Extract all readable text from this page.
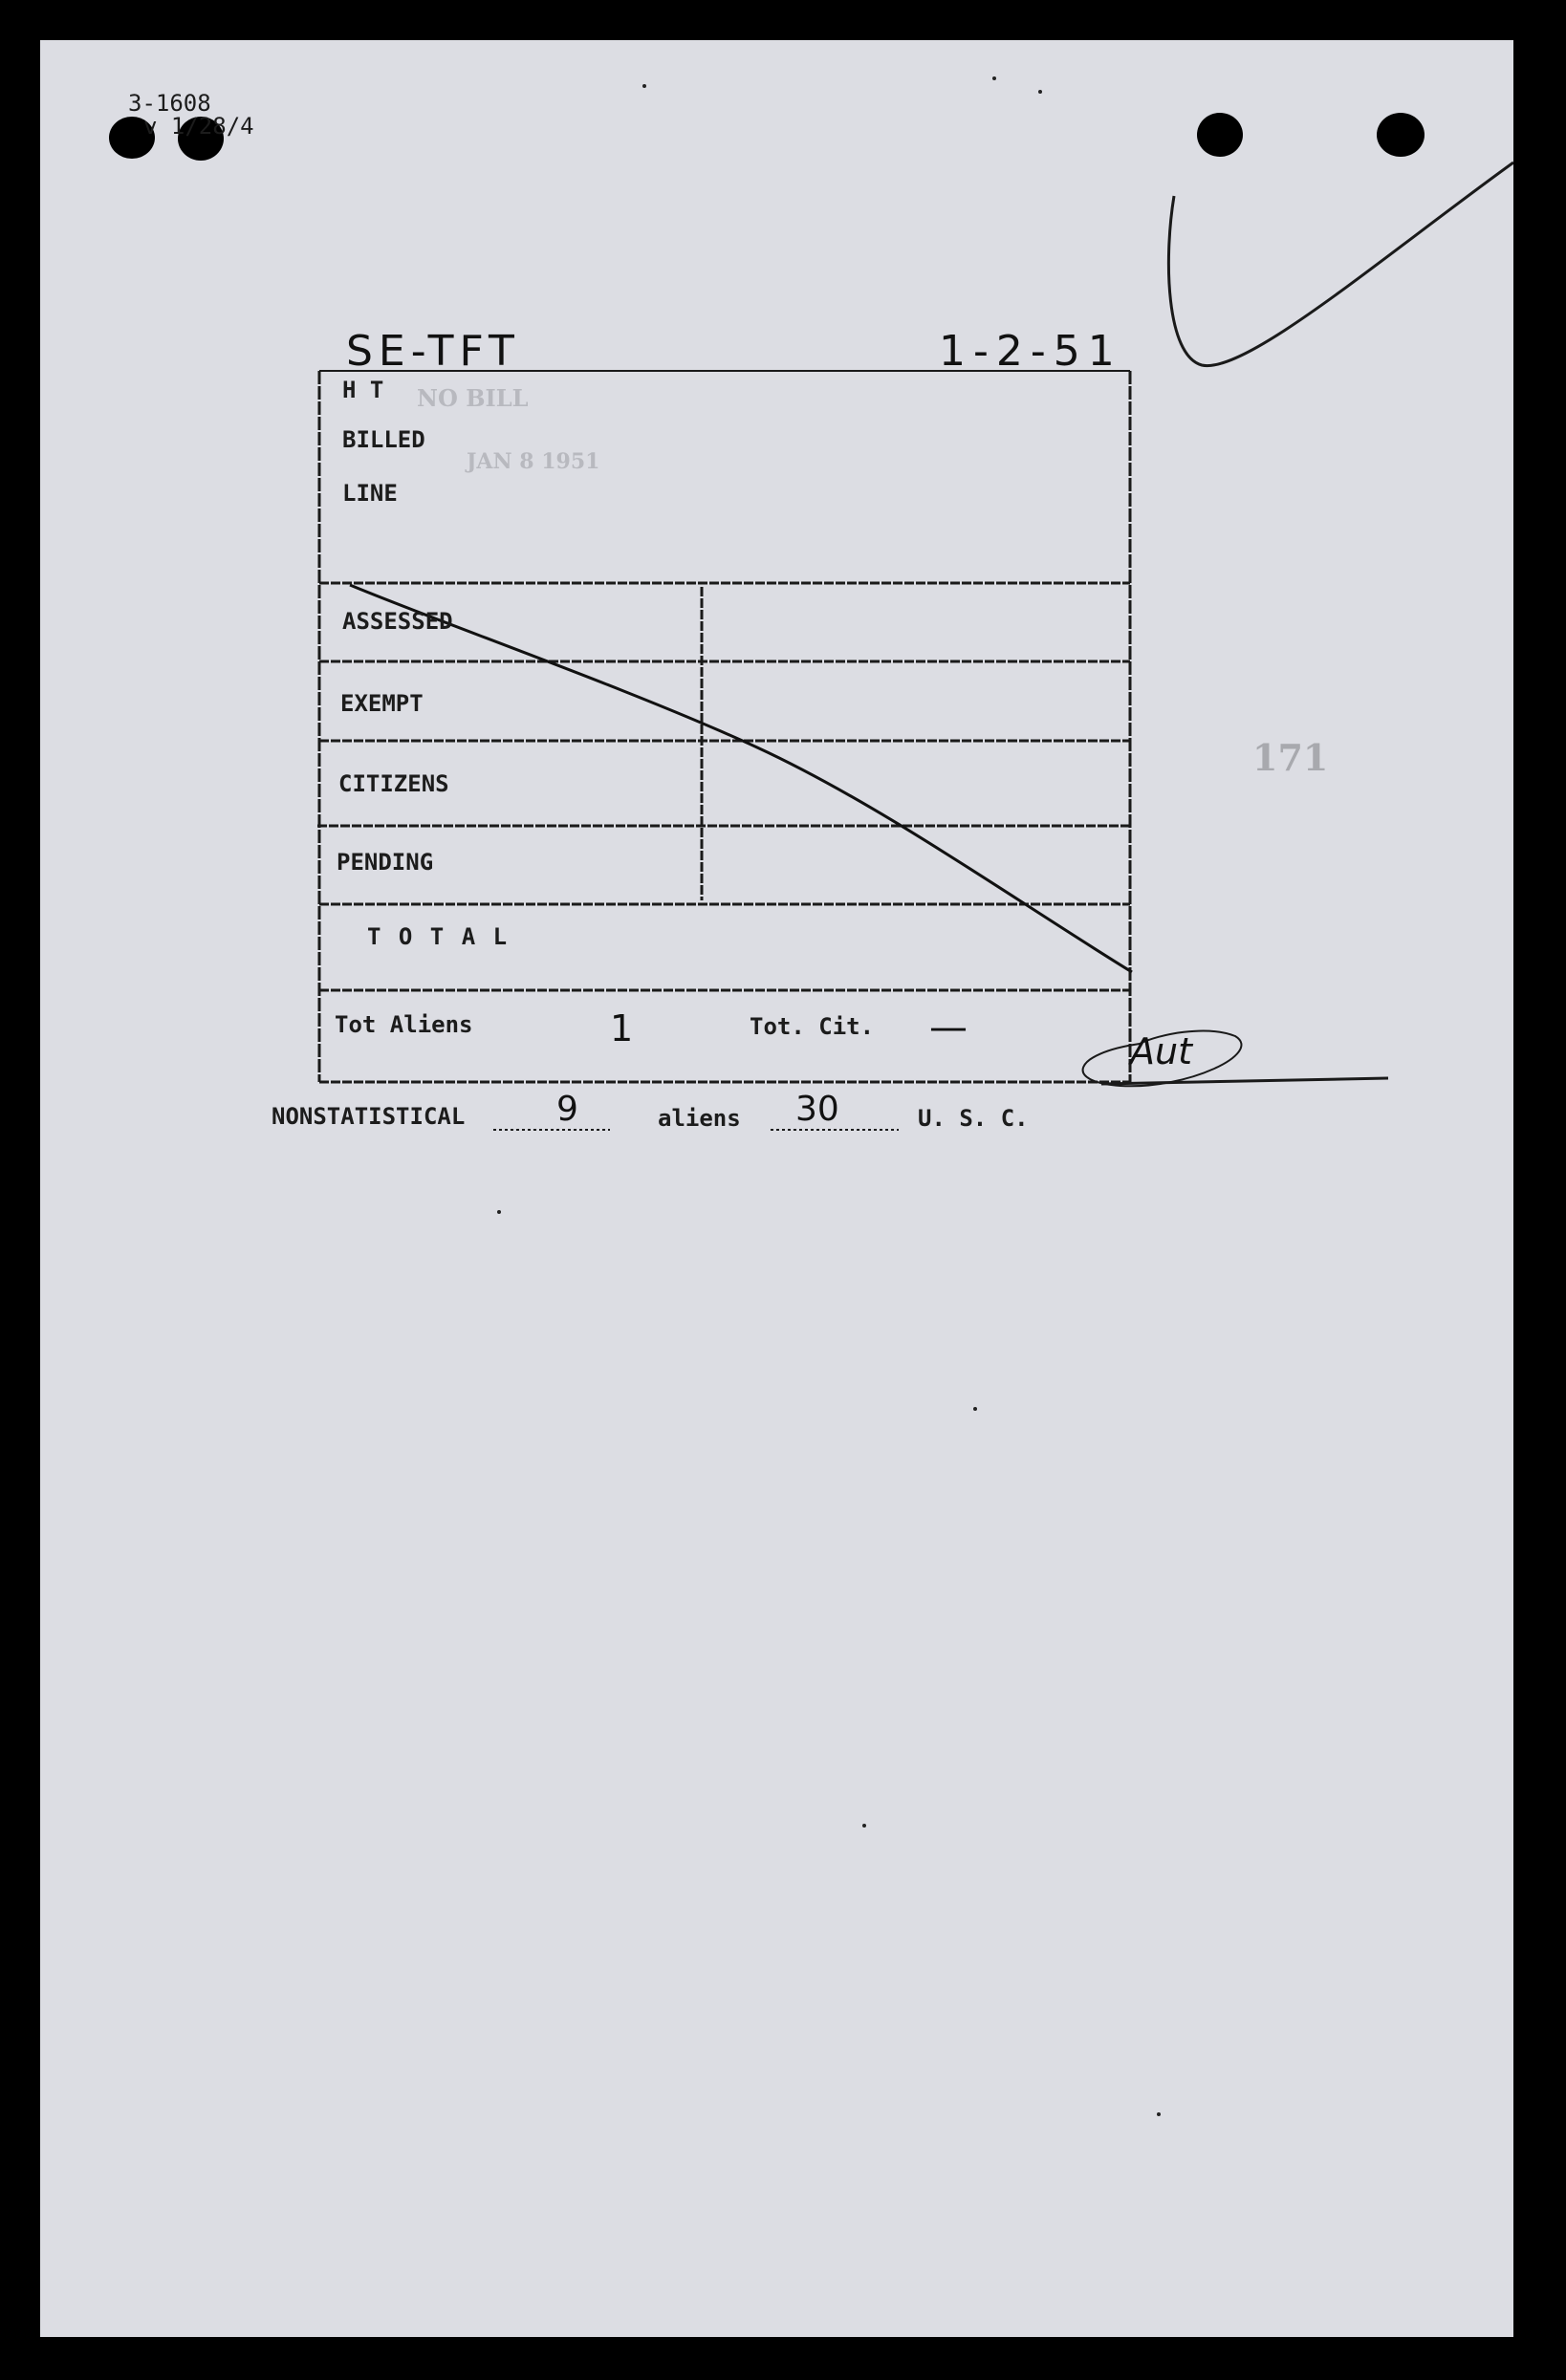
3-1608
v 1/28/4
SE-TFT	1-2-51
NO BILL
JAN 8 1951
H T
BILLED
LINE
ASSESSED
EXEMPT
CITIZENS
PENDING
T O T A L
Tot Aliens	1	Tot. Cit. —
Aut
171
NONSTATISTICAL	9	aliens 30	U. S. C.
